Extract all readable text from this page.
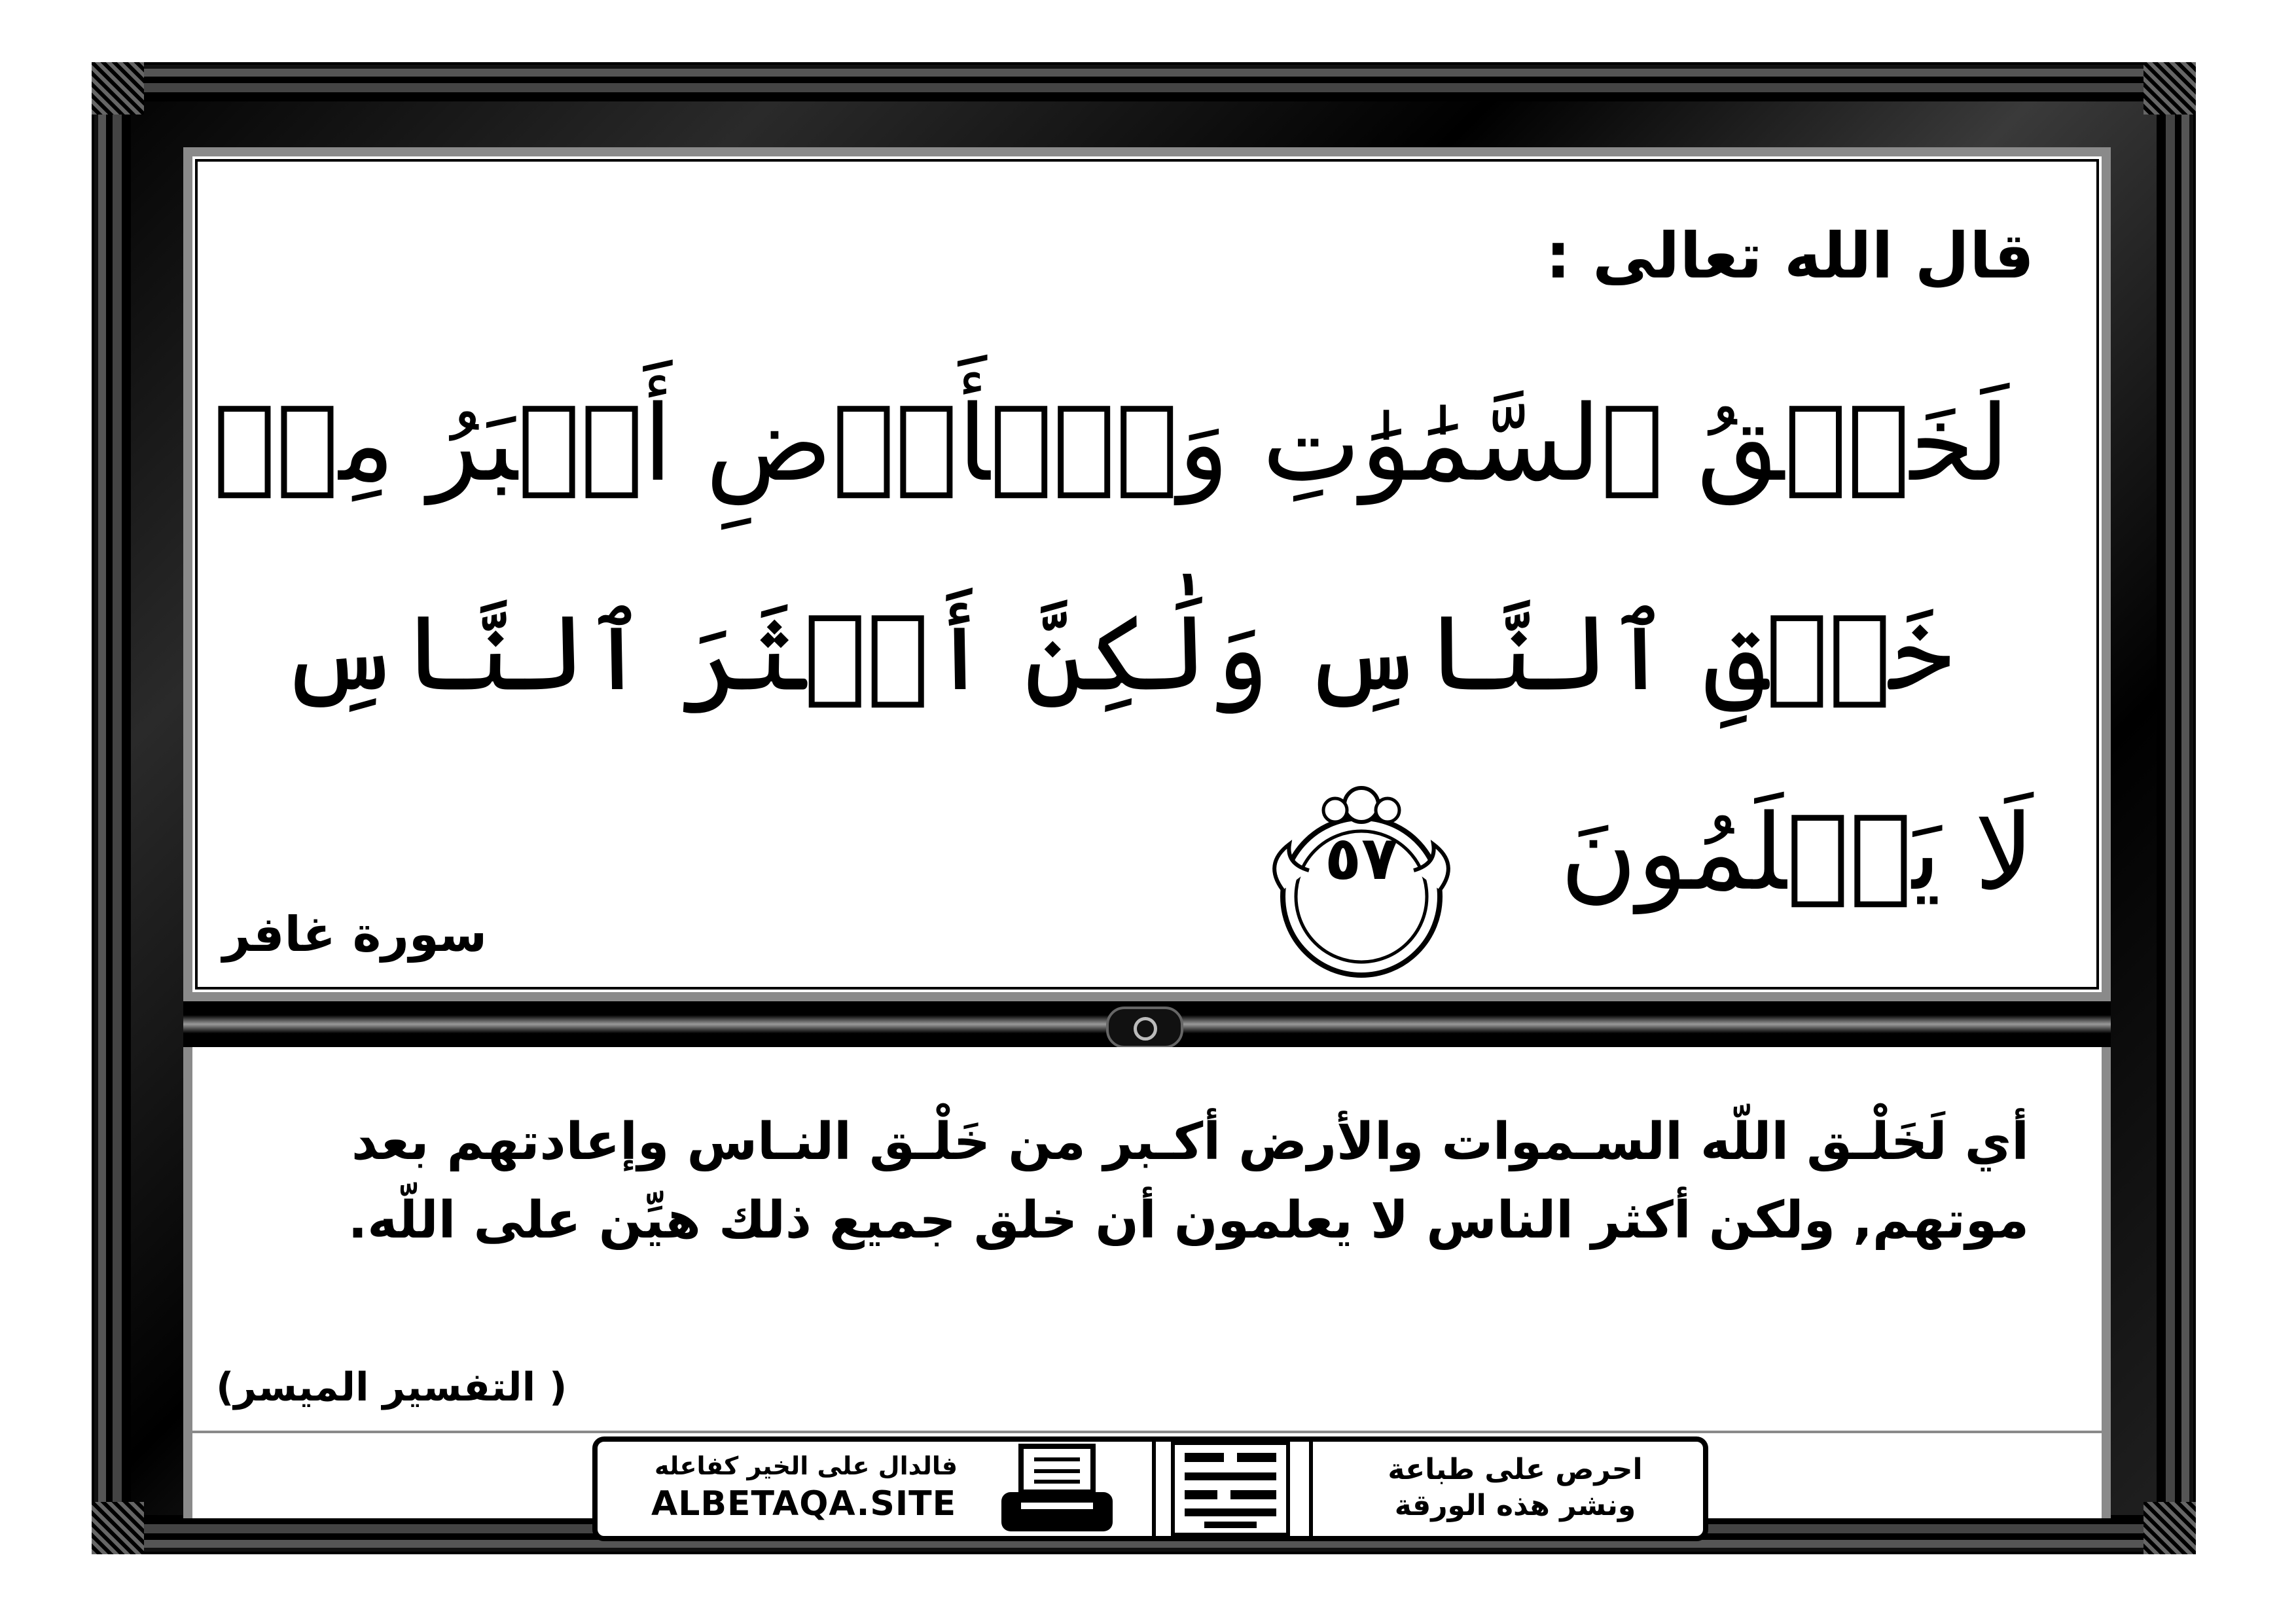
قال الله تعالى :
لَخَلۡقُ ٱلسَّمَٰوَٰتِ وَٱلۡأَرۡضِ أَكۡبَرُ مِنۡ
خَلۡقِ ٱلنَّاسِ وَلَٰكِنَّ أَكۡثَرَ ٱلنَّاسِ
لَا يَعۡلَمُونَ
٥٧
سورة غافر
أي لَخَلْـق اللّه السـموات والأرض أكـبر من خَلْـق النـاس وإعادتهم بعد
موتهم, ولكن أكثر الناس لا يعلمون أن خلق جميع ذلك هيِّن على اللّه.
( التفسير الميسر)
فالدال على الخير كفاعله
ALBETAQA.SITE	دعوة الورقة
احرص على طباعة
ونشر هذه الورقة
